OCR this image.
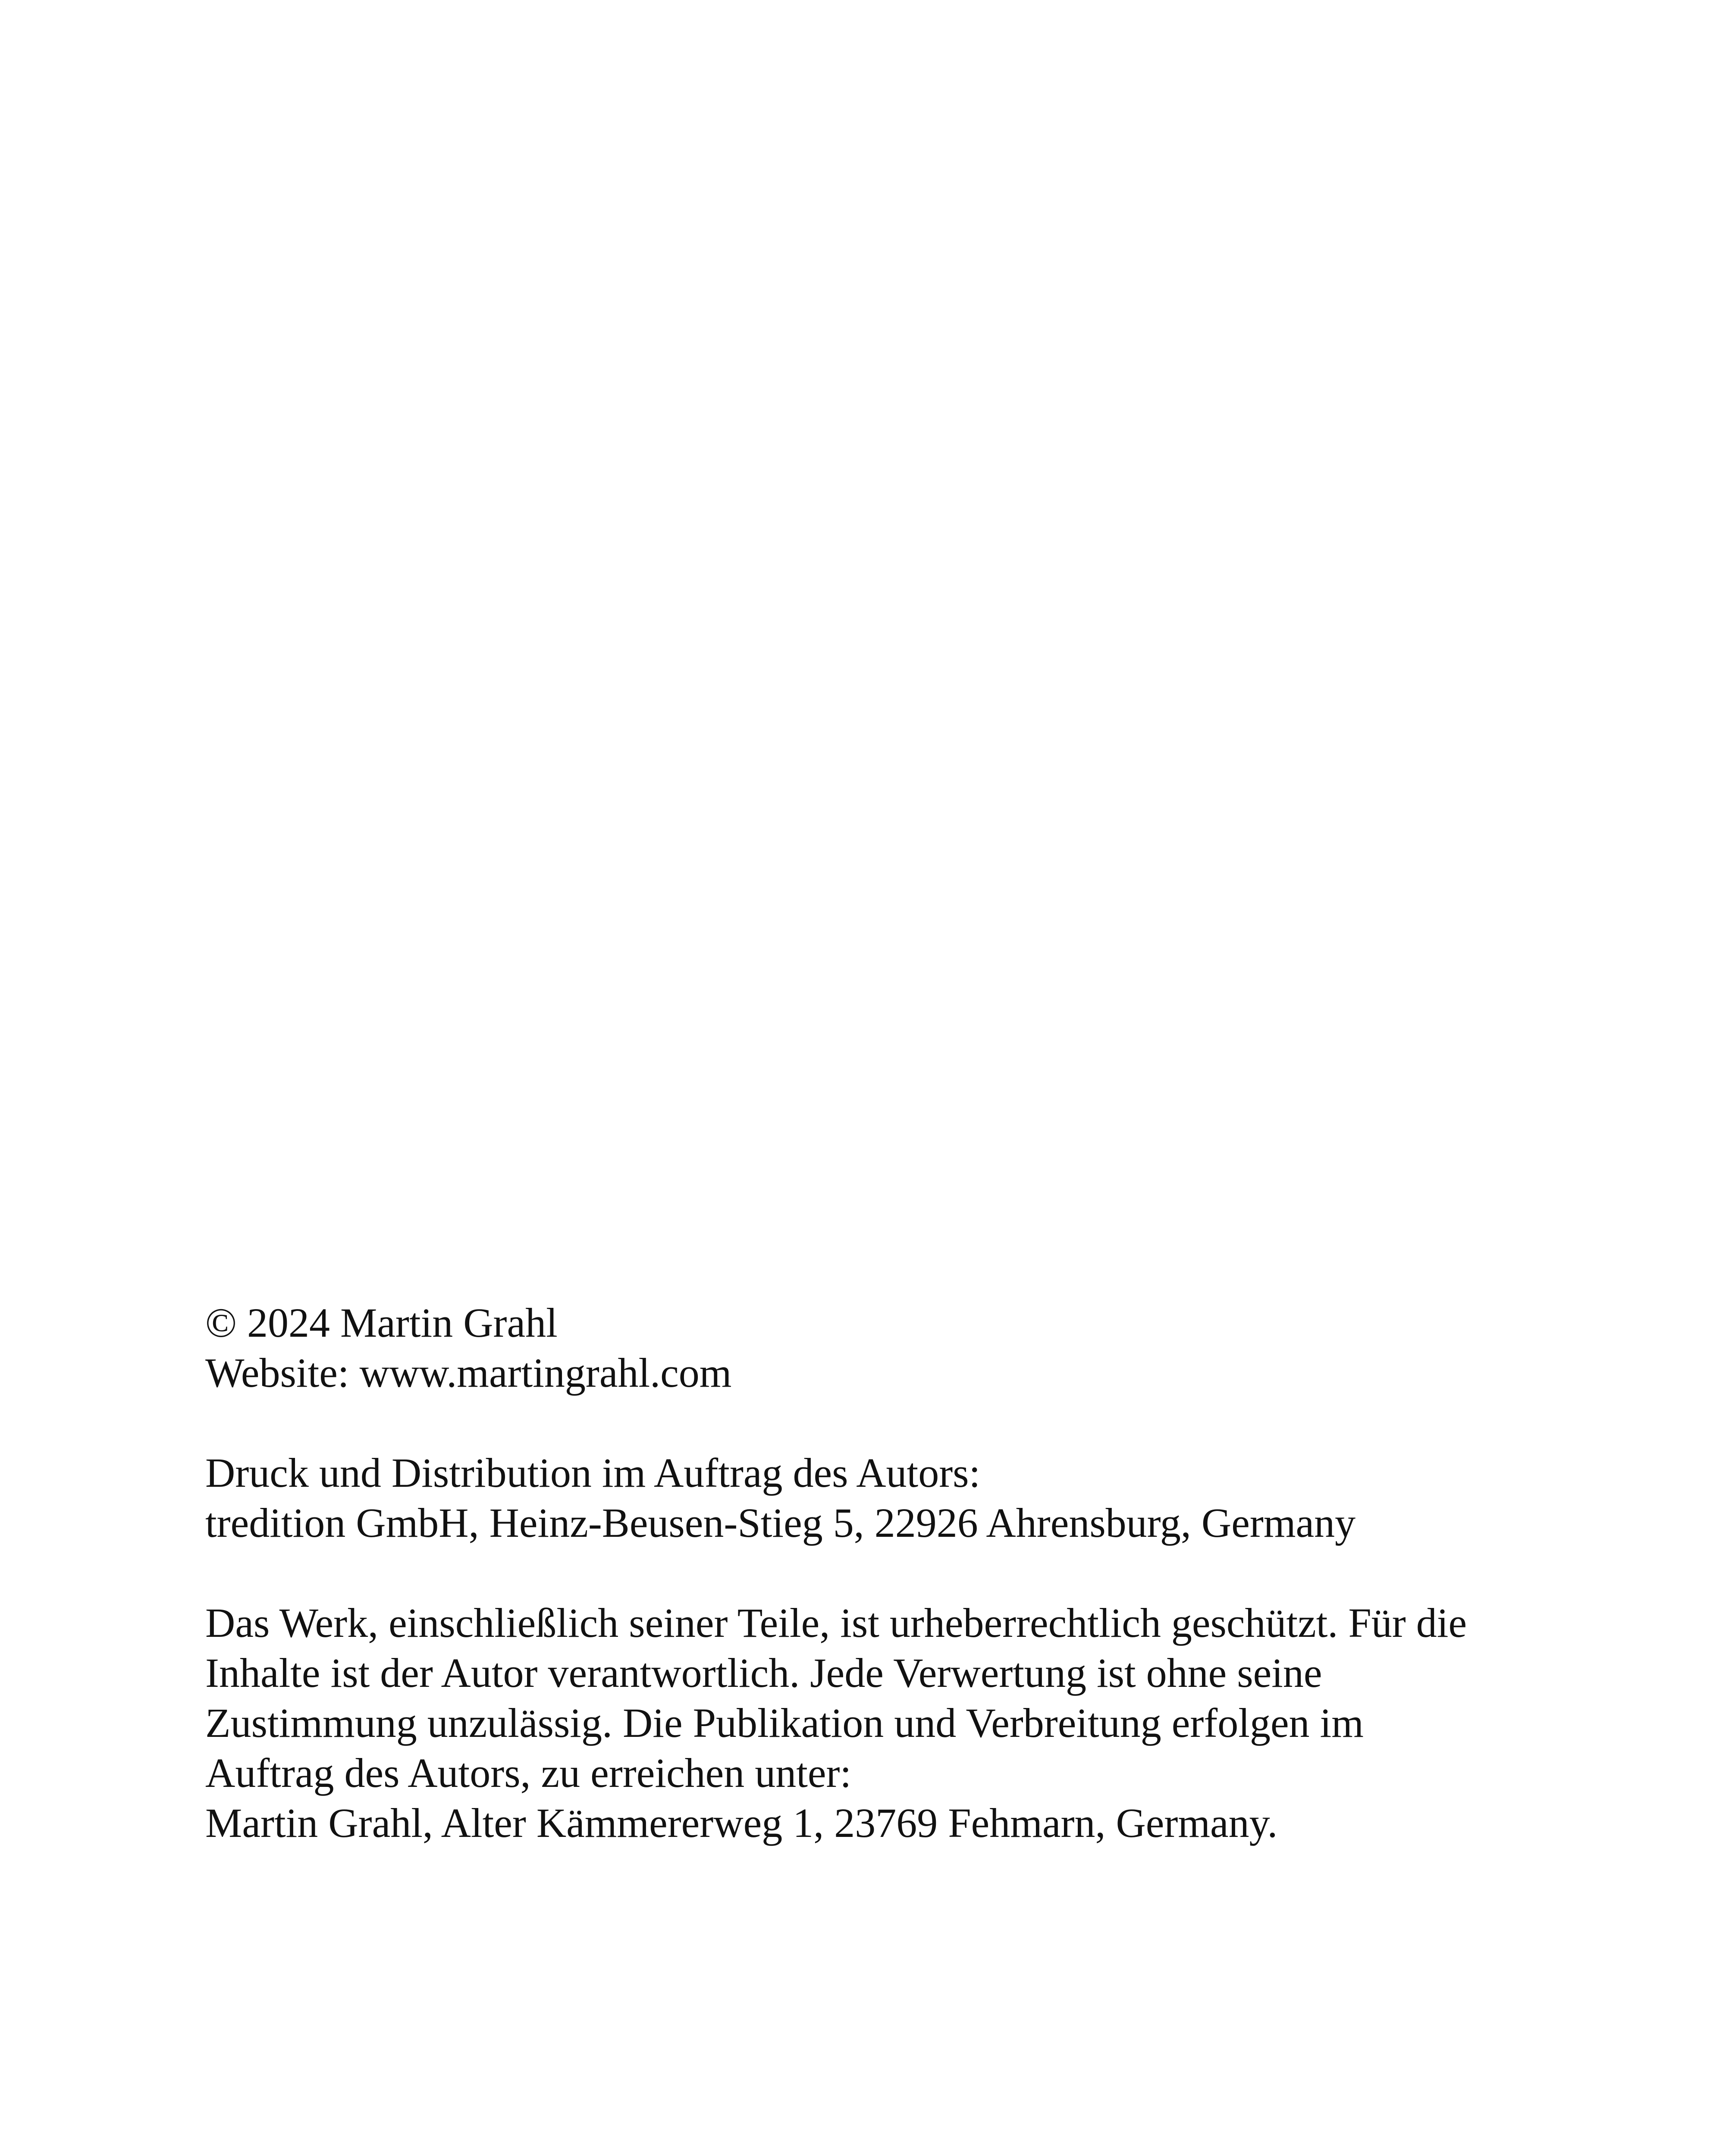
© 2024 Martin Grahl
Website: www.martingrahl.com
Druck und Distribution im Auftrag des Autors:
tredition GmbH, Heinz-Beusen-Stieg 5, 22926 Ahrensburg, Germany
Das Werk, einschließlich seiner Teile, ist urheberrechtlich geschützt. Für die
Inhalte ist der Autor verantwortlich. Jede Verwertung ist ohne seine
Zustimmung unzulässig. Die Publikation und Verbreitung erfolgen im
Auftrag des Autors, zu erreichen unter:
Martin Grahl, Alter Kämmererweg 1, 23769 Fehmarn, Germany.
